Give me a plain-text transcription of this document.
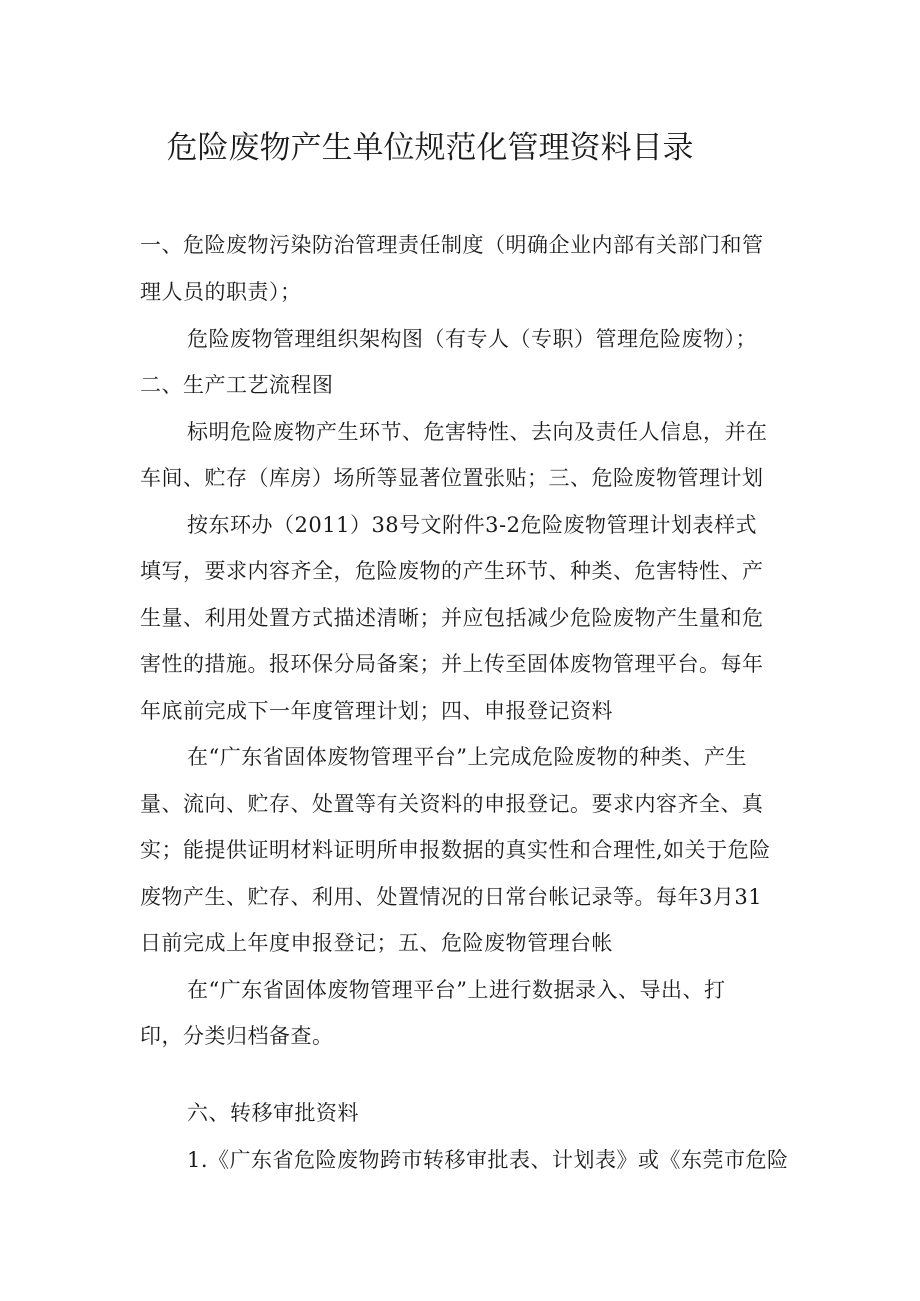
危险废物产生单位规范化管理资料目录
一、危险废物污染防治管理责任制度（明确企业内部有关部门和管
理人员的职责）；
危险废物管理组织架构图（有专人（专职）管理危险废物）；
二、生产工艺流程图
标明危险废物产生环节、危害特性、去向及责任人信息，并在
车间、贮存（库房）场所等显著位置张贴；三、危险废物管理计划
按东环办（2011）38号文附件3-2危险废物管理计划表样式
填写，要求内容齐全，危险废物的产生环节、种类、危害特性、产
生量、利用处置方式描述清晰；并应包括减少危险废物产生量和危
害性的措施。报环保分局备案；并上传至固体废物管理平台。每年
年底前完成下一年度管理计划；四、申报登记资料
在“广东省固体废物管理平台”上完成危险废物的种类、产生
量、流向、贮存、处置等有关资料的申报登记。要求内容齐全、真
实；能提供证明材料证明所申报数据的真实性和合理性,如关于危险
废物产生、贮存、利用、处置情况的日常台帐记录等。每年3月31
日前完成上年度申报登记；五、危险废物管理台帐
在“广东省固体废物管理平台”上进行数据录入、导出、打
印，分类归档备查。
六、转移审批资料
1.《广东省危险废物跨市转移审批表、计划表》或《东莞市危险
